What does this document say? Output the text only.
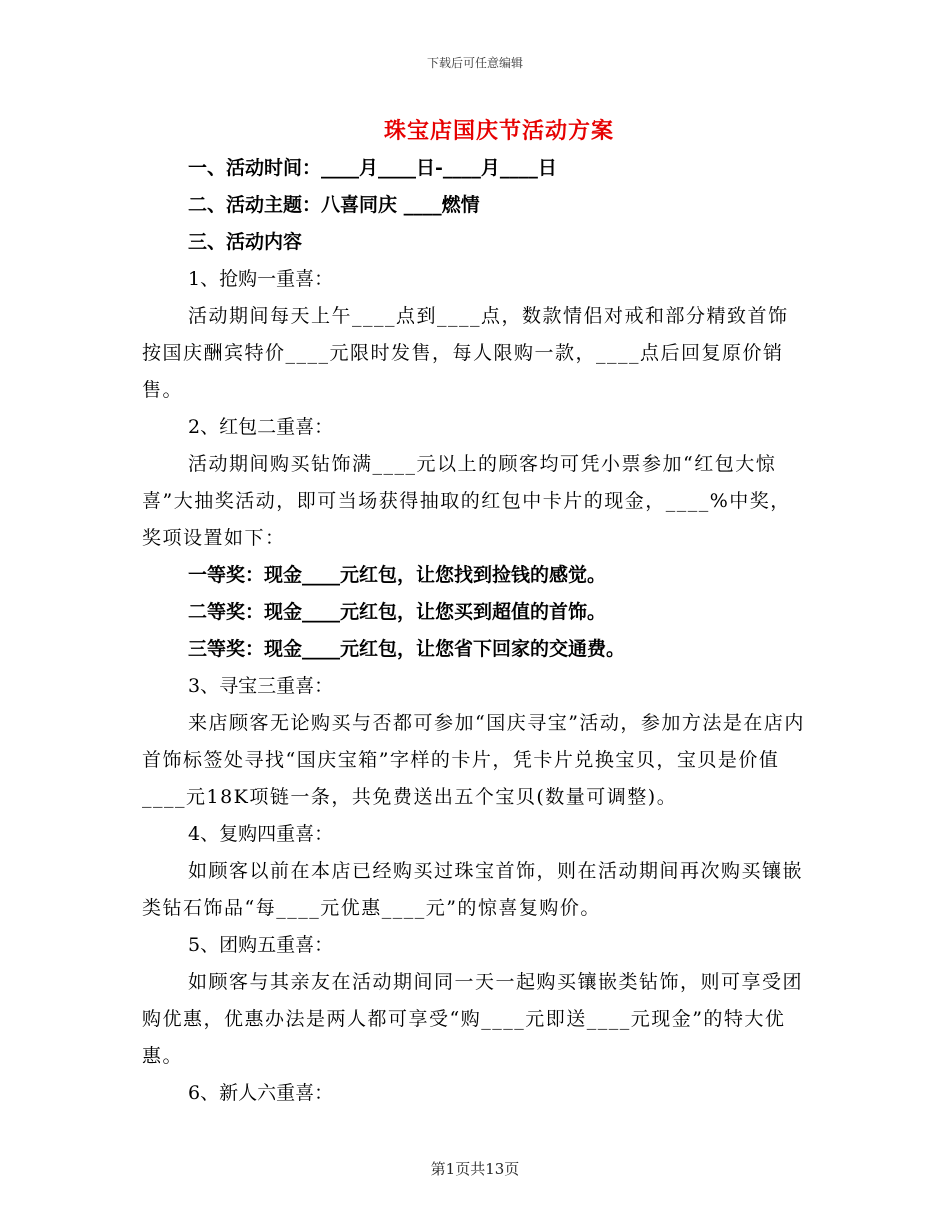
下载后可任意编辑
珠宝店国庆节活动方案

一、活动时间：____月____日-____月____日

二、活动主题：八喜同庆 ____燃情

三、活动内容

1、抢购一重喜：

活动期间每天上午____点到____点，数款情侣对戒和部分精致首饰按国庆酬宾特价____元限时发售，每人限购一款，____点后回复原价销售。

2、红包二重喜：

活动期间购买钻饰满____元以上的顾客均可凭小票参加“红包大惊喜”大抽奖活动，即可当场获得抽取的红包中卡片的现金，____%中奖，奖项设置如下：

一等奖：现金____元红包，让您找到捡钱的感觉。

二等奖：现金____元红包，让您买到超值的首饰。

三等奖：现金____元红包，让您省下回家的交通费。

3、寻宝三重喜：

来店顾客无论购买与否都可参加“国庆寻宝”活动，参加方法是在店内首饰标签处寻找“国庆宝箱”字样的卡片，凭卡片兑换宝贝，宝贝是价值____元18K项链一条，共免费送出五个宝贝(数量可调整)。

4、复购四重喜：

如顾客以前在本店已经购买过珠宝首饰，则在活动期间再次购买镶嵌类钻石饰品“每____元优惠____元”的惊喜复购价。

5、团购五重喜：

如顾客与其亲友在活动期间同一天一起购买镶嵌类钻饰，则可享受团购优惠，优惠办法是两人都可享受“购____元即送____元现金”的特大优惠。

6、新人六重喜：

第1页共13页
